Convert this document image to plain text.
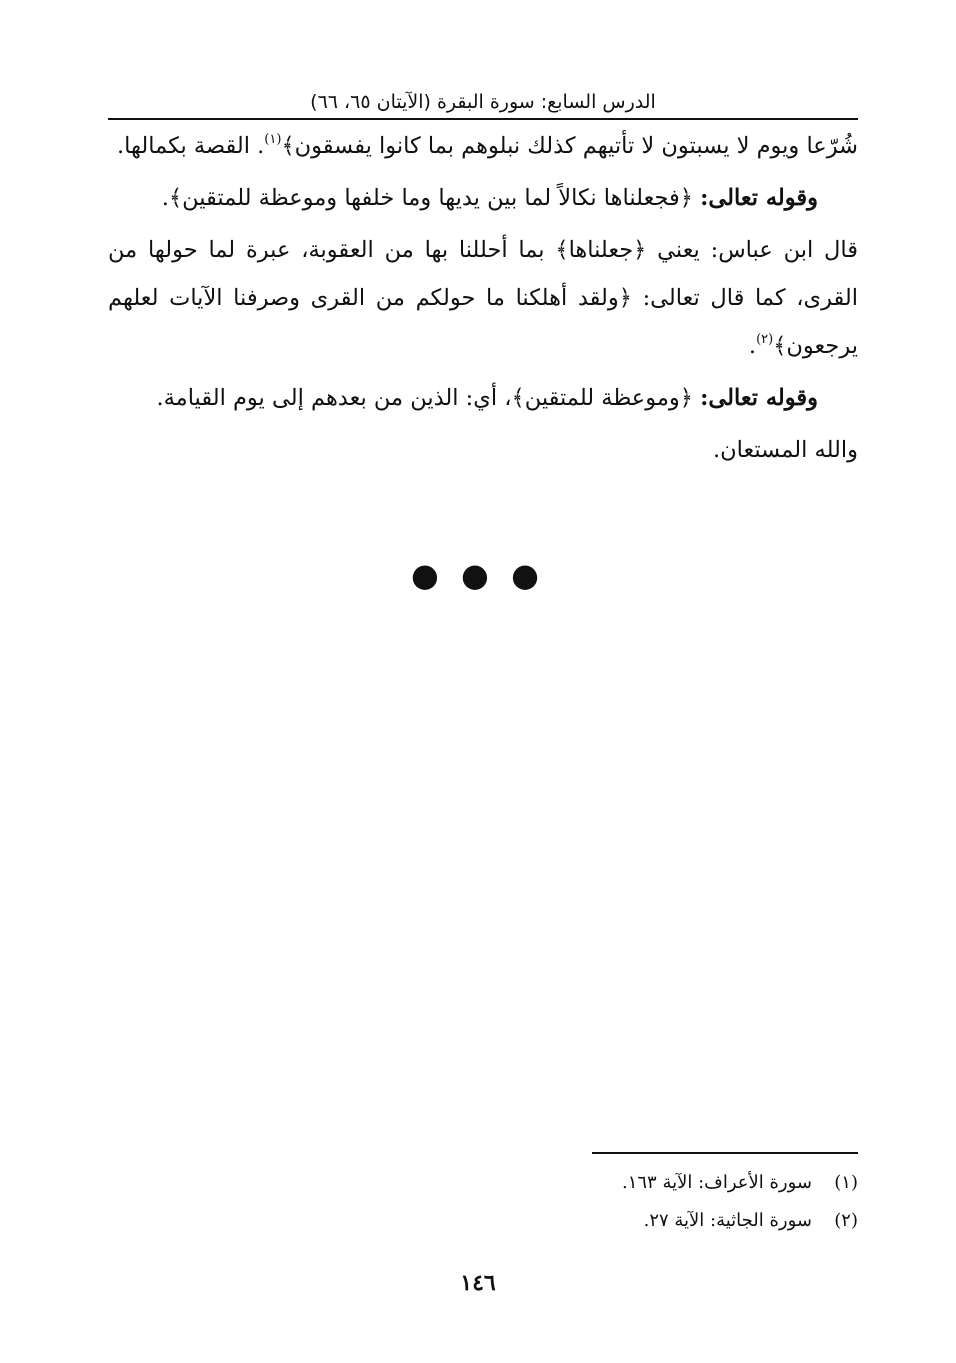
الدرس السابع: سورة البقرة (الآيتان ٦٥، ٦٦)

شُرّعا ويوم لا يسبتون لا تأتيهم كذلك نبلوهم بما كانوا يفسقون﴾$^{(١)}$. القصة بكمالها.

وقوله تعالى: ﴿فجعلناها نكالاً لما بين يديها وما خلفها وموعظة للمتقين﴾.

قال ابن عباس: يعني ﴿جعلناها﴾ بما أحللنا بها من العقوبة، عبرة لما حولها من القرى، كما قال تعالى: ﴿ولقد أهلكنا ما حولكم من القرى وصرفنا الآيات لعلهم يرجعون﴾$^{(٢)}$.

وقوله تعالى: ﴿وموعظة للمتقين﴾، أي: الذين من بعدهم إلى يوم القيامة.

والله المستعان.

● ● ●
(١)سورة الأعراف: الآية ١٦٣.
(٢)سورة الجاثية: الآية ٢٧.
١٤٦
